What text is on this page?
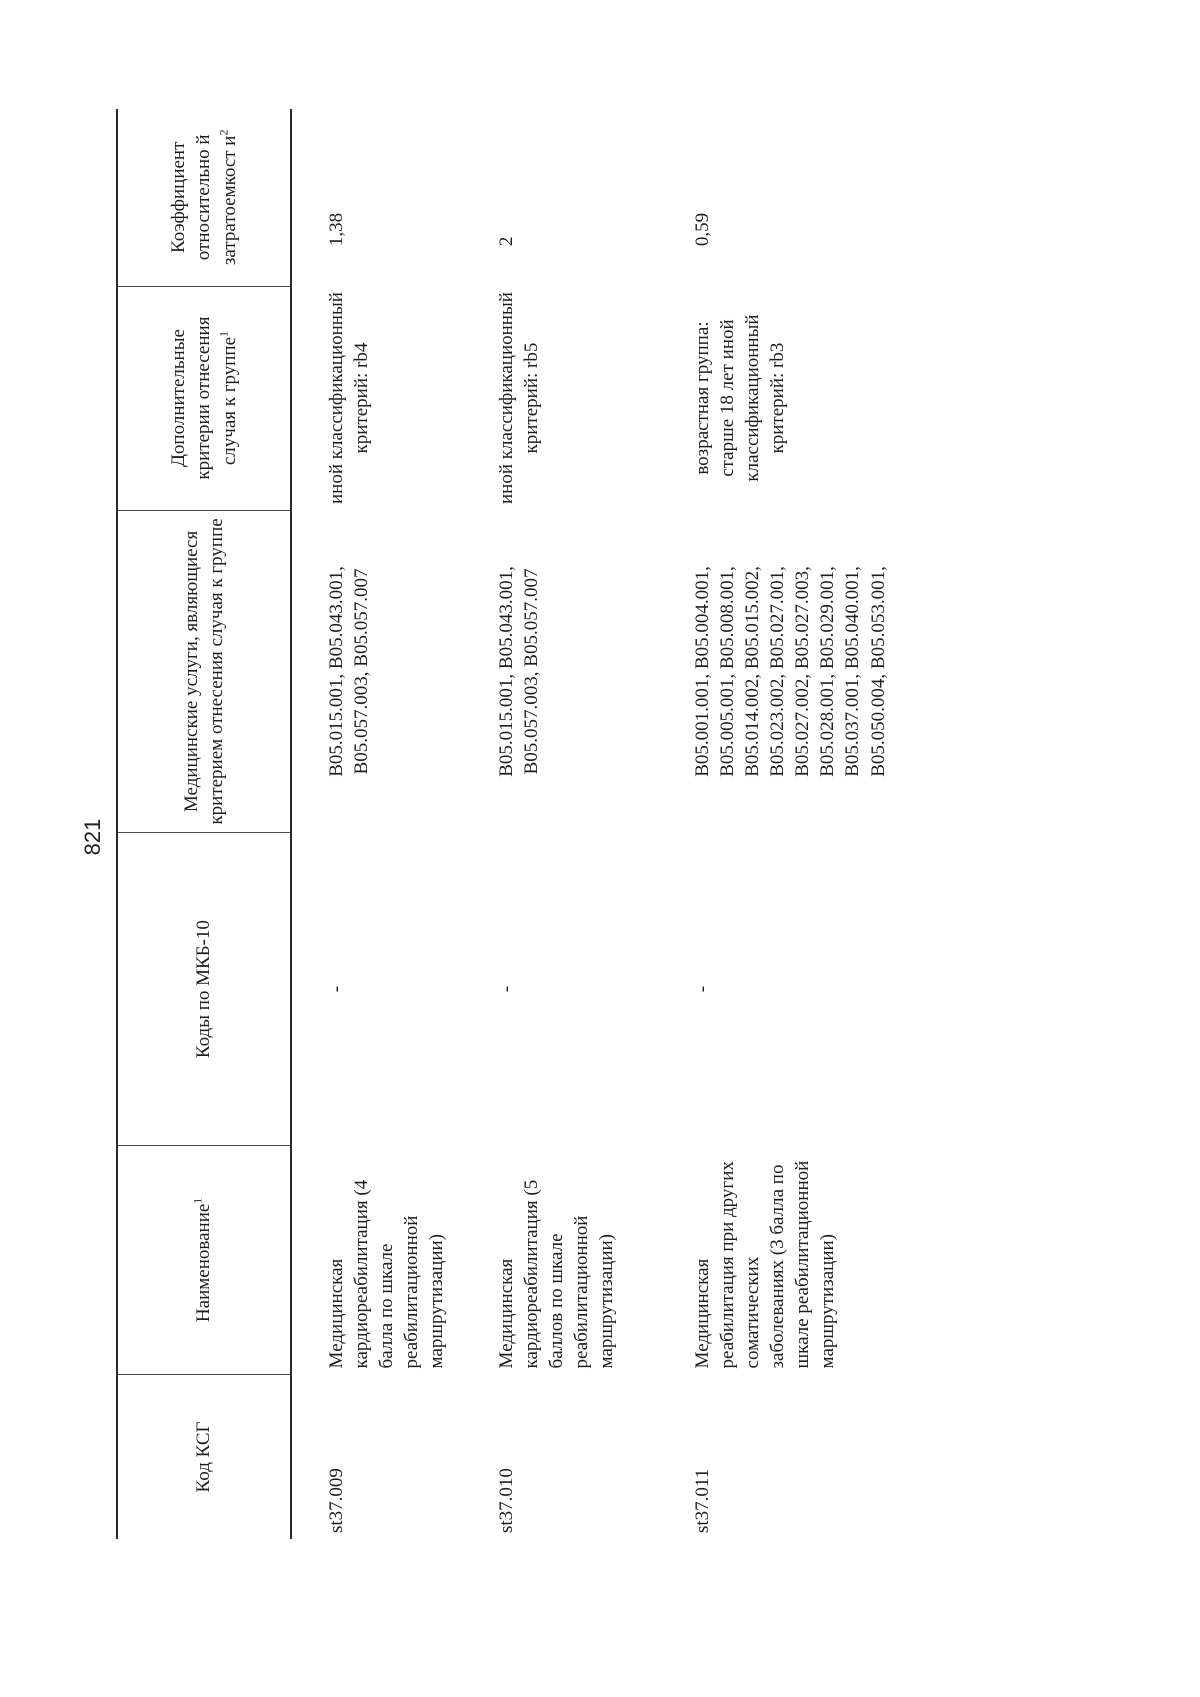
821
Код КСГ	Наименование$^1$	Коды по МКБ-10	Медицинские услуги, являющиеся критерием отнесения случая к группе	Дополнительные критерии отнесения случая к группе$^1$	Коэффициент относительно й затратоемкост $и^2$
st37.009	Медицинская кардиореабилитация (4 балла по шкале реабилитационной маршрутизации)	-	B05.015.001, B05.043.001, B05.057.003, B05.057.007	иной классификационный критерий: rb4	1,38
st37.010	Медицинская кардиореабилитация (5 баллов по шкале реабилитационной маршрутизации)	-	B05.015.001, B05.043.001, B05.057.003, B05.057.007	иной классификационный критерий: rb5	2
st37.011	Медицинская реабилитация при других соматических заболеваниях (3 балла по шкале реабилитационной маршрутизации)	-	B05.001.001, B05.004.001, B05.005.001, B05.008.001, B05.014.002, B05.015.002, B05.023.002, B05.027.001, B05.027.002, B05.027.003, B05.028.001, B05.029.001, B05.037.001, B05.040.001, B05.050.004, B05.053.001,	возрастная группа: старше 18 лет иной классификационный критерий: rb3	0,59
